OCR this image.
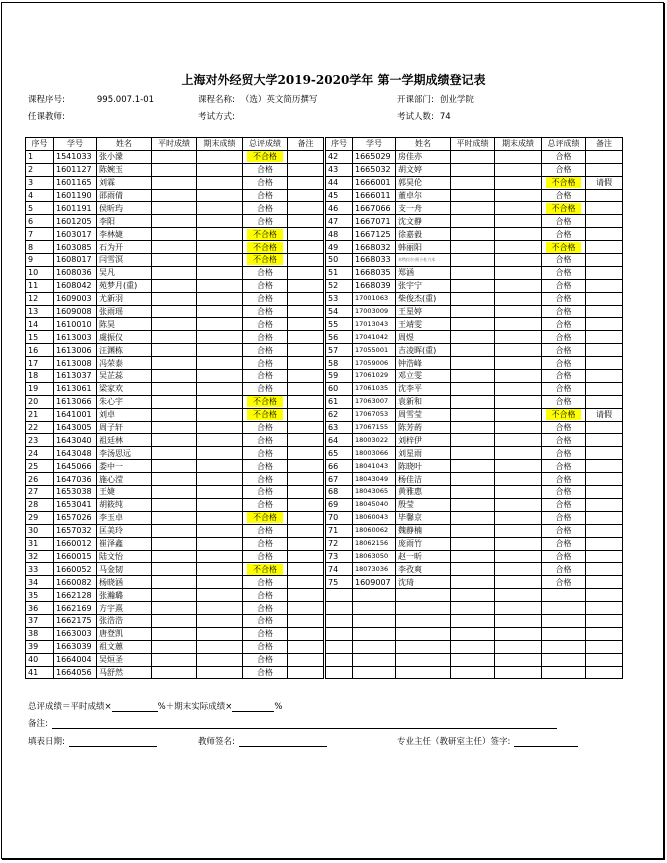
上海对外经贸大学2019-2020学年 第一学期成绩登记表
课程序号:	995.007.1-01	课程名称: （选）英文简历撰写	开课部门: 创业学院
任课教师:	考试方式:	考试人数: 74
序号	学号	姓名	平时成绩	期末成绩	总评成绩	备注
1	1541033	张小濛			不合格	

2	1601127	陈婉玉			合格	
3	1601165	刘霖			合格	
4	1601190	邵雨倩			合格	
5	1601191	侯昕玙			合格	
6	1601205	李阳			合格	
7	1603017	李林婕			不合格	

8	1603085	石为开			不合格	

9	1608017	闫雪溟			不合格	

10	1608036	吴凡			合格	
11	1608042	苑梦月(重)			合格	
12	1609003	尤新羽			合格	
13	1609008	张雨瑶			合格	
14	1610010	陈昊			合格	
15	1613003	虞振仪			合格	
16	1613006	汪渊栋			合格	
17	1613008	冯荣泰			合格	
18	1613037	吴芷蕊			合格	
19	1613061	梁家欢			合格	
20	1613066	朱心宇			不合格	

21	1641001	刘卓			不合格	

22	1643005	周子轩			合格	
23	1643040	祖廷林			合格	
24	1643048	李汤思远			合格	
25	1645066	娄中一			合格	
26	1647036	施心滢			合格	
27	1653038	王婕			合格	
28	1653041	胡筱纯			合格	
29	1657026	李玉卓			不合格	

30	1657032	匡美玲			合格	
31	1660012	崔泽鑫			合格	
32	1660015	陆文怡			合格	
33	1660052	马金韧			不合格	

34	1660082	杨晓涵			合格	
35	1662128	张瀚璐			合格	
36	1662169	方宇熹			合格	
37	1662175	张浩浩			合格	
38	1663003	唐登凯			合格	
39	1663039	祖文蕙			合格	
40	1664004	吴烜圣			合格	
41	1664056	马舒然			合格	
序号	学号	姓名	平时成绩	期末成绩	总评成绩	备注
42	1665029	房佳亦			合格	
43	1665032	胡文婷			合格	
44	1666001	郭昊伦			不合格	请假
45	1666011	董卓尔			合格	
46	1667066	支一舟			不合格	

47	1667071	沈文静			合格	
48	1667125	徐嘉毅			合格	
49	1668032	韩丽阳			不合格	

50	1668033	木特拉尔·阿卜杜力木			合格	
51	1668035	郑涵			合格	
52	1668039	张宇宁			合格	
53	17001063	柴俊杰(重)			合格	
54	17003009	王星婷			合格	
55	17013043	王靖雯			合格	
56	17041042	周煜			合格	
57	17055001	吉凌晖(重)			合格	
58	17059006	钟浩峰			合格	
59	17061029	邓立雯			合格	
60	17061035	沈李平			合格	
61	17063007	袁新和			合格	
62	17067053	周雪莹			不合格	请假
63	17067155	陈芳菂			合格	
64	18003022	刘梓伊			合格	
65	18003066	刘星雨			合格	
66	18041043	陈晓叶			合格	
67	18043049	杨佳洁			合格	
68	18043065	黄雅惠			合格	
69	18045040	殷莹			合格	
70	18060043	毕馨京			合格	
71	18060062	魏静楠			合格	
72	18062156	庞雨竹			合格	
73	18063050	赵一昕			合格	
74	18073036	李孜爽			合格	
75	1609007	沈琦			合格	

总评成绩＝平时成绩×	%＋期末实际成绩×	%
备注:
填表日期:	教师签名:	专业主任（教研室主任）签字:
